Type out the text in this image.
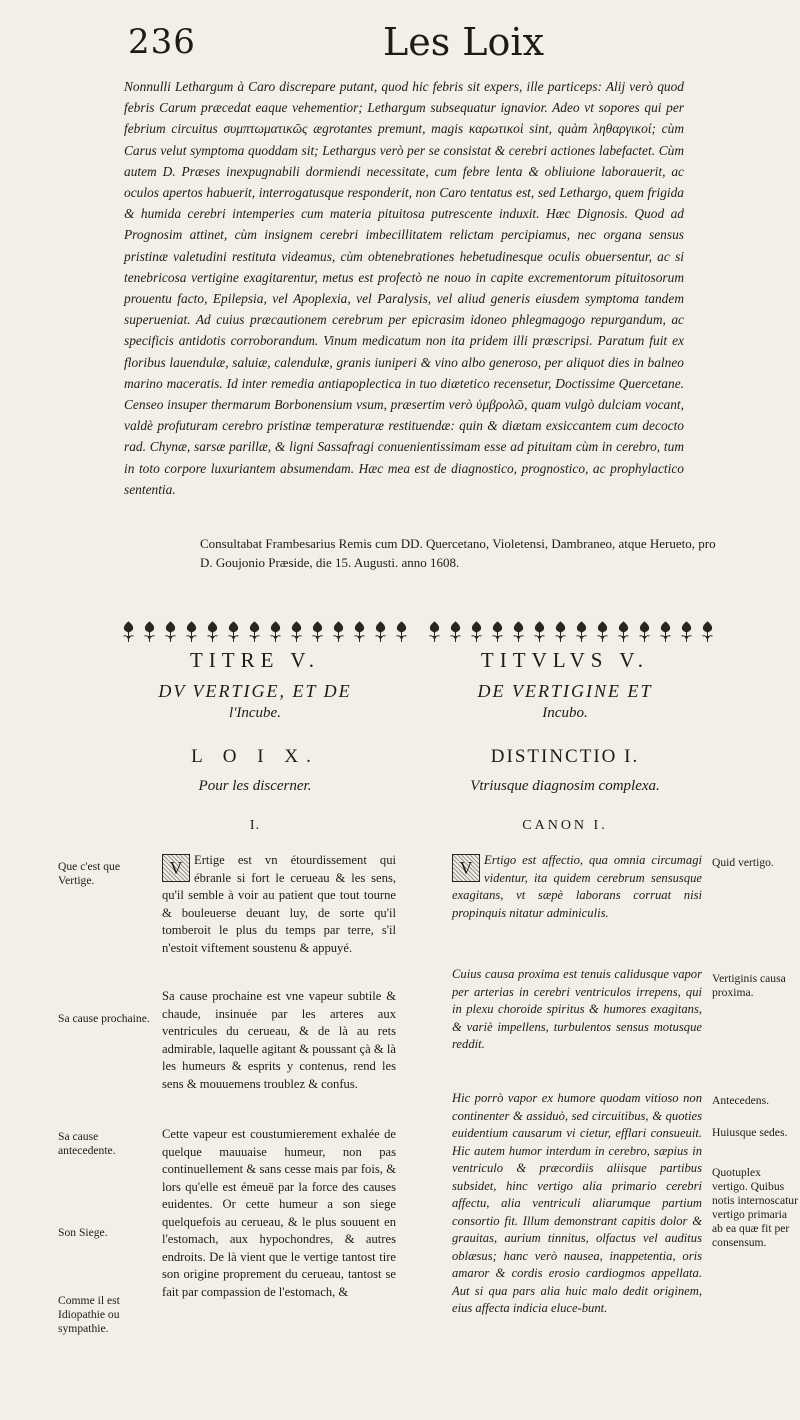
236	Les Loix

Nonnulli Lethargum à Caro discrepare putant, quod hic febris sit expers, ille particeps: Alij verò quod febris Carum præcedat eaque vehementior; Lethargum subsequatur ignavior. Adeo vt sopores qui per febrium circuitus συμπτωματικῶς ægrotantes premunt, magis καρωτικοὶ sint, quàm ληθαργικοί; cùm Carus velut symptoma quoddam sit; Lethargus verò per se consistat & cerebri actiones labefactet. Cùm autem D. Præses inexpugnabili dormiendi necessitate, cum febre lenta & obliuione laborauerit, ac oculos apertos habuerit, interrogatusque responderit, non Caro tentatus est, sed Lethargo, quem frigida & humida cerebri intemperies cum materia pituitosa putrescente induxit. Hæc Dignosis. Quod ad Prognosim attinet, cùm insignem cerebri imbecillitatem relictam percipiamus, nec organa sensus pristinæ valetudini restituta videamus, cùm obtenebrationes hebetudinesque oculis obuersentur, ac si tenebricosa vertigine exagitarentur, metus est profectò ne nouo in capite excrementorum pituitosorum prouentu facto, Epilepsia, vel Apoplexia, vel Paralysis, vel aliud generis eiusdem symptoma tandem superueniat. Ad cuius præcautionem cerebrum per epicrasim idoneo phlegmagogo repurgandum, ac specificis antidotis corroborandum. Vinum medicatum non ita pridem illi præscripsi. Paratum fuit ex floribus lauendulæ, saluiæ, calendulæ, granis iuniperi & vino albo generoso, per aliquot dies in balneo marino maceratis. Id inter remedia antiapoplectica in tuo diætetico recensetur, Doctissime Quercetane. Censeo insuper thermarum Borbonensium vsum, præsertim verò ὑμβρολῶ, quam vulgò dulciam vocant, valdè profuturam cerebro pristinæ temperaturæ restituendæ: quin & diætam exsiccantem cum decocto rad. Chynæ, sarsæ parillæ, & ligni Sassafragi conuenientissimam esse ad pituitam cùm in cerebro, tum in toto corpore luxuriantem absumendam. Hæc mea est de diagnostico, prognostico, ac prophylactico sententia.

Consultabat Frambesarius Remis cum DD. Quercetano, Violetensi, Dambraneo, atque Herueto, pro D. Goujonio Præside, die 15. Augusti. anno 1608.
TITRE V.	TITVLVS V.
DV VERTIGE, ET DE
l'Incube.
DE VERTIGINE ET
Incubo.
L O I X.	DISTINCTIO I.
Pour les discerner.	Vtriusque diagnosim complexa.
I.	CANON I.
V Ertige est vn étourdissement qui ébranle si fort le cerueau & les sens, qu'il semble à voir au patient que tout tourne & bouleuerse deuant luy, de sorte qu'il tomberoit le plus du temps par terre, s'il n'estoit viftement soustenu & appuyé.

Sa cause prochaine est vne vapeur subtile & chaude, insinuée par les arteres aux ventricules du cerueau, & de là au rets admirable, laquelle agitant & poussant çà & là les humeurs & esprits y contenus, rend les sens & mouuemens troublez & confus.

Cette vapeur est coustumierement exhalée de quelque mauuaise humeur, non pas continuellement & sans cesse mais par fois, & lors qu'elle est émeuë par la force des causes euidentes. Or cette humeur a son siege quelquefois au cerueau, & le plus souuent en l'estomach, aux hypochondres, & autres endroits. De là vient que le vertige tantost tire son origine proprement du cerueau, tantost se fait par compassion de l'estomach, &

V Ertigo est affectio, qua omnia circumagi videntur, ita quidem cerebrum sensusque exagitans, vt sæpè laborans corruat nisi propinquis nitatur adminiculis.

Cuius causa proxima est tenuis calidusque vapor per arterias in cerebri ventriculos irrepens, qui in plexu choroide spiritus & humores exagitans, & variè impellens, turbulentos sensus motusque reddit.

Hic porrò vapor ex humore quodam vitioso non continenter & assiduò, sed circuitibus, & quoties euidentium causarum vi cietur, efflari consueuit. Hic autem humor interdum in cerebro, sæpius in ventriculo & præcordiis aliisque partibus subsidet, hinc vertigo alia primario cerebri affectu, alia ventriculi aliarumque partium consortio fit. Illum demonstrant capitis dolor & grauitas, aurium tinnitus, olfactus vel auditus oblæsus; hanc verò nausea, inappetentia, oris amaror & cordis erosio cardiogmos appellata. Aut si qua pars alia huic malo dedit originem, eius affecta indicia eluce-bunt.

Que c'est que Vertige.
Sa cause prochaine.
Sa cause antecedente.
Son Siege.
Comme il est Idiopathie ou sympathie.
Quid vertigo.
Vertiginis causa proxima.
Antecedens.
Huiusque sedes.
Quotuplex vertigo. Quibus notis internoscatur vertigo primaria ab ea quæ fit per consensum.
